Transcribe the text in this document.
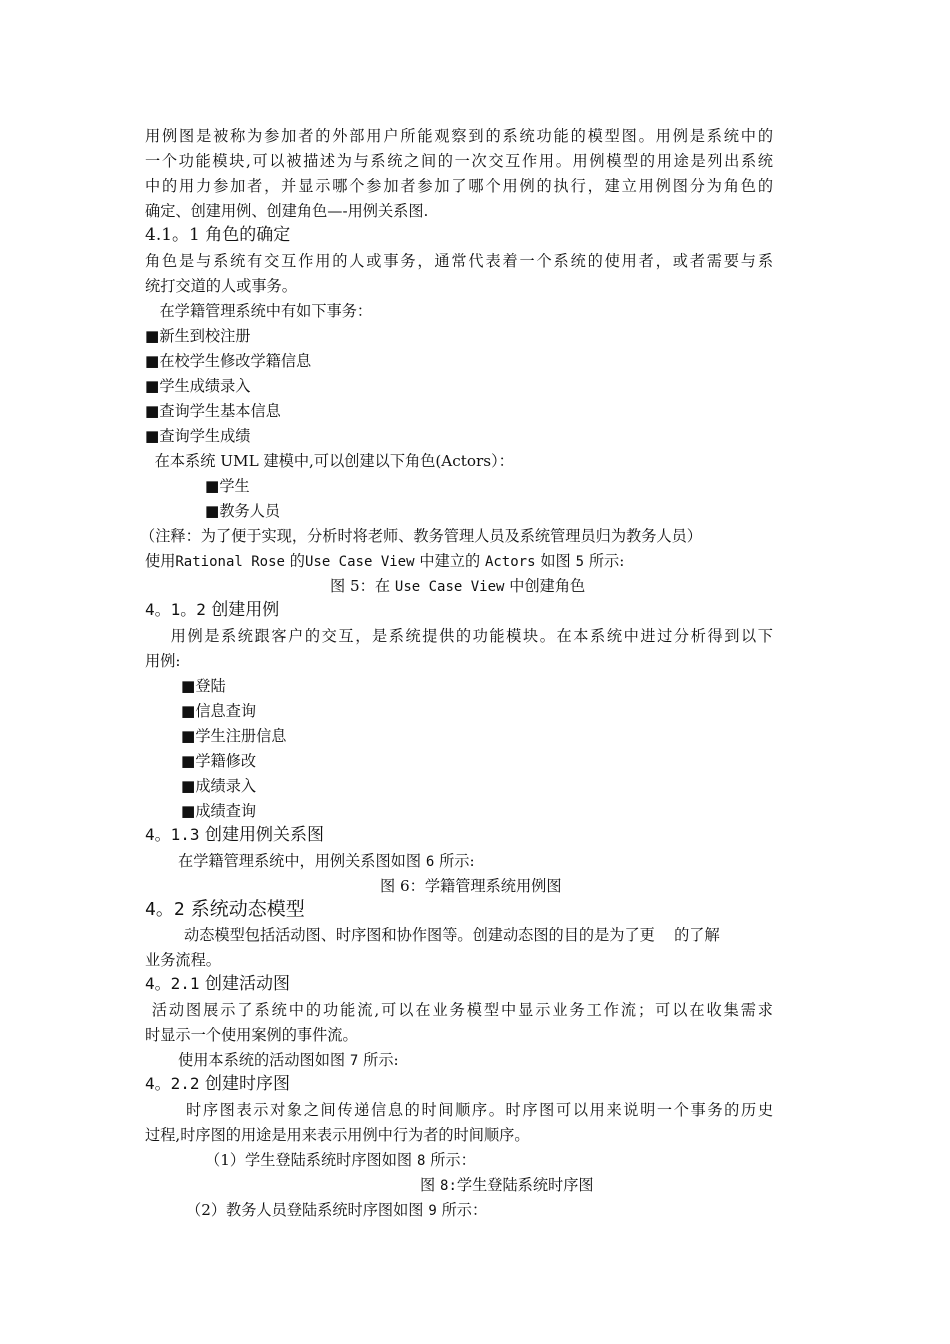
用例图是被称为参加者的外部用户所能观察到的系统功能的模型图。用例是系统中的
一个功能模块,可以被描述为与系统之间的一次交互作用。用例模型的用途是列出系统
中的用力参加者，并显示哪个参加者参加了哪个用例的执行，建立用例图分为角色的
确定、创建用例、创建角色—-用例关系图.
4.1。1 角色的确定
角色是与系统有交互作用的人或事务，通常代表着一个系统的使用者，或者需要与系
统打交道的人或事务。
在学籍管理系统中有如下事务：
■ 新生到校注册
■ 在校学生修改学籍信息
■ 学生成绩录入
■ 查询学生基本信息
■ 查询学生成绩
在本系统 UML 建模中,可以创建以下角色(Actors）：
■ 学生
■ 教务人员
（注释：为了便于实现，分析时将老师、教务管理人员及系统管理员归为教务人员）
使用Rational Rose 的Use Case View 中建立的 Actors 如图 5 所示:
图 5：在 Use Case View 中创建角色
4。1。2 创建用例
用例是系统跟客户的交互，是系统提供的功能模块。在本系统中进过分析得到以下
用例:
■ 登陆
■ 信息查询
■ 学生注册信息
■ 学籍修改
■ 成绩录入
■ 成绩查询
4。1.3 创建用例关系图
在学籍管理系统中，用例关系图如图 6 所示:
图 6：学籍管理系统用例图
4。2 系统动态模型
动态模型包括活动图、时序图和协作图等。创建动态图的目的是为了更    的了解
业务流程。
4。2.1 创建活动图
活动图展示了系统中的功能流,可以在业务模型中显示业务工作流；可以在收集需求
时显示一个使用案例的事件流。
使用本系统的活动图如图 7 所示:
4。2.2 创建时序图
时序图表示对象之间传递信息的时间顺序。时序图可以用来说明一个事务的历史
过程,时序图的用途是用来表示用例中行为者的时间顺序。
（1）学生登陆系统时序图如图 8 所示：
图 8:学生登陆系统时序图
（2）教务人员登陆系统时序图如图 9 所示：
